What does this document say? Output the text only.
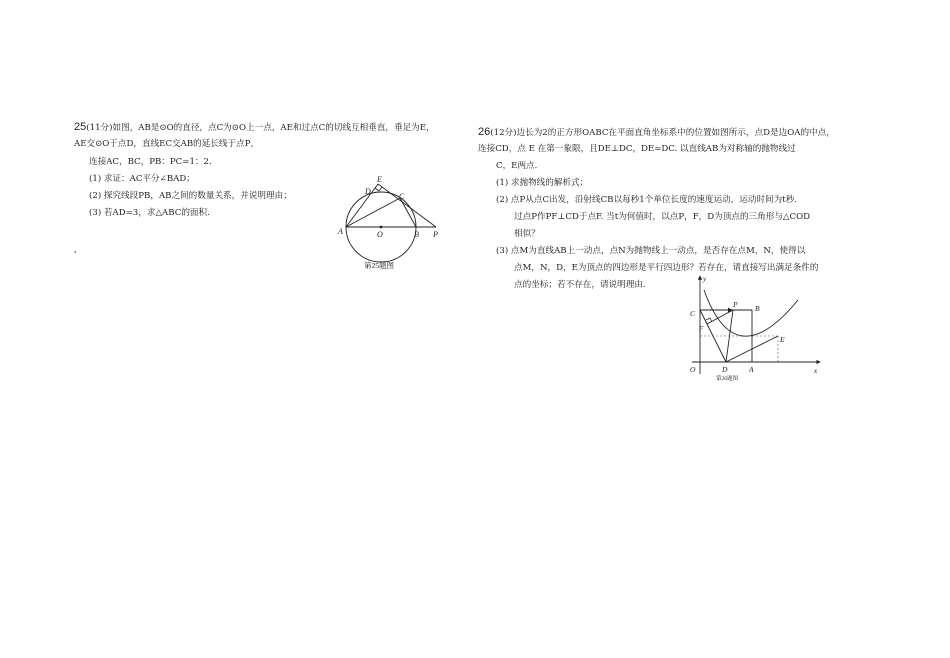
25(11分)如图，AB是⊙O的直径，点C为⊙O上一点，AE和过点C的切线互相垂直，垂足为E，
AE交⊙O于点D，直线EC交AB的延长线于点P，
连接AC，BC，PB：PC=1：2.
(1) 求证：AC平分∠BAD；
(2) 探究线段PB，AB之间的数量关系，并说明理由；
(3) 若AD=3，求△ABC的面积.
,
E
D
C
A	O	B P
第25题图
26(12分)边长为2的正方形OABC在平面直角坐标系中的位置如图所示，点D是边OA的中点，
连接CD，点 E 在第一象限，且DE⊥DC，DE=DC. 以直线AB为对称轴的抛物线过
C，E两点.
(1) 求抛物线的解析式；
(2) 点P从点C出发，沿射线CB以每秒1个单位长度的速度运动，运动时间为t秒.
过点P作PF⊥CD于点F. 当t为何值时，以点P，F，D为顶点的三角形与△COD
相似？
(3) 点M为直线AB上一动点，点N为抛物线上一动点，是否存在点M，N，使得以
点M，N，D，E为顶点的四边形是平行四边形？若存在，请直接写出满足条件的
点的坐标；若不存在，请说明理由.
y
x
O
C
P B
F
E
D	A
第26题图
